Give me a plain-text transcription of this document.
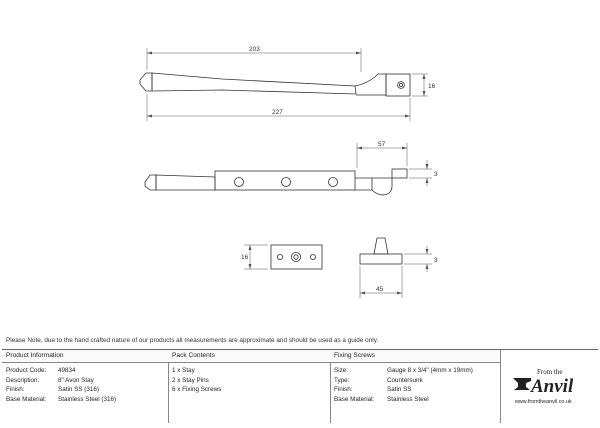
203
227
16
57
3
16	3
45
Please Note, due to the hand crafted nature of our products all measurements are approximate and should be used as a guide only.
Product Information
Product Code: 49834
Description:	8" Avon Stay
Finish:	Satin SS (316)
Base Material: Stainless Steel (316)
Pack Contents
1 x Stay
2 x Stay Pins
6 x Fixing Screws
Fixing Screws
Size:	Gauge 8 x 3/4" (4mm x 19mm)
Type:	Countersunk
Finish:	Satin SS
Base Material: Stainless Steel
From the
Anvil
www.fromtheanvil.co.uk
